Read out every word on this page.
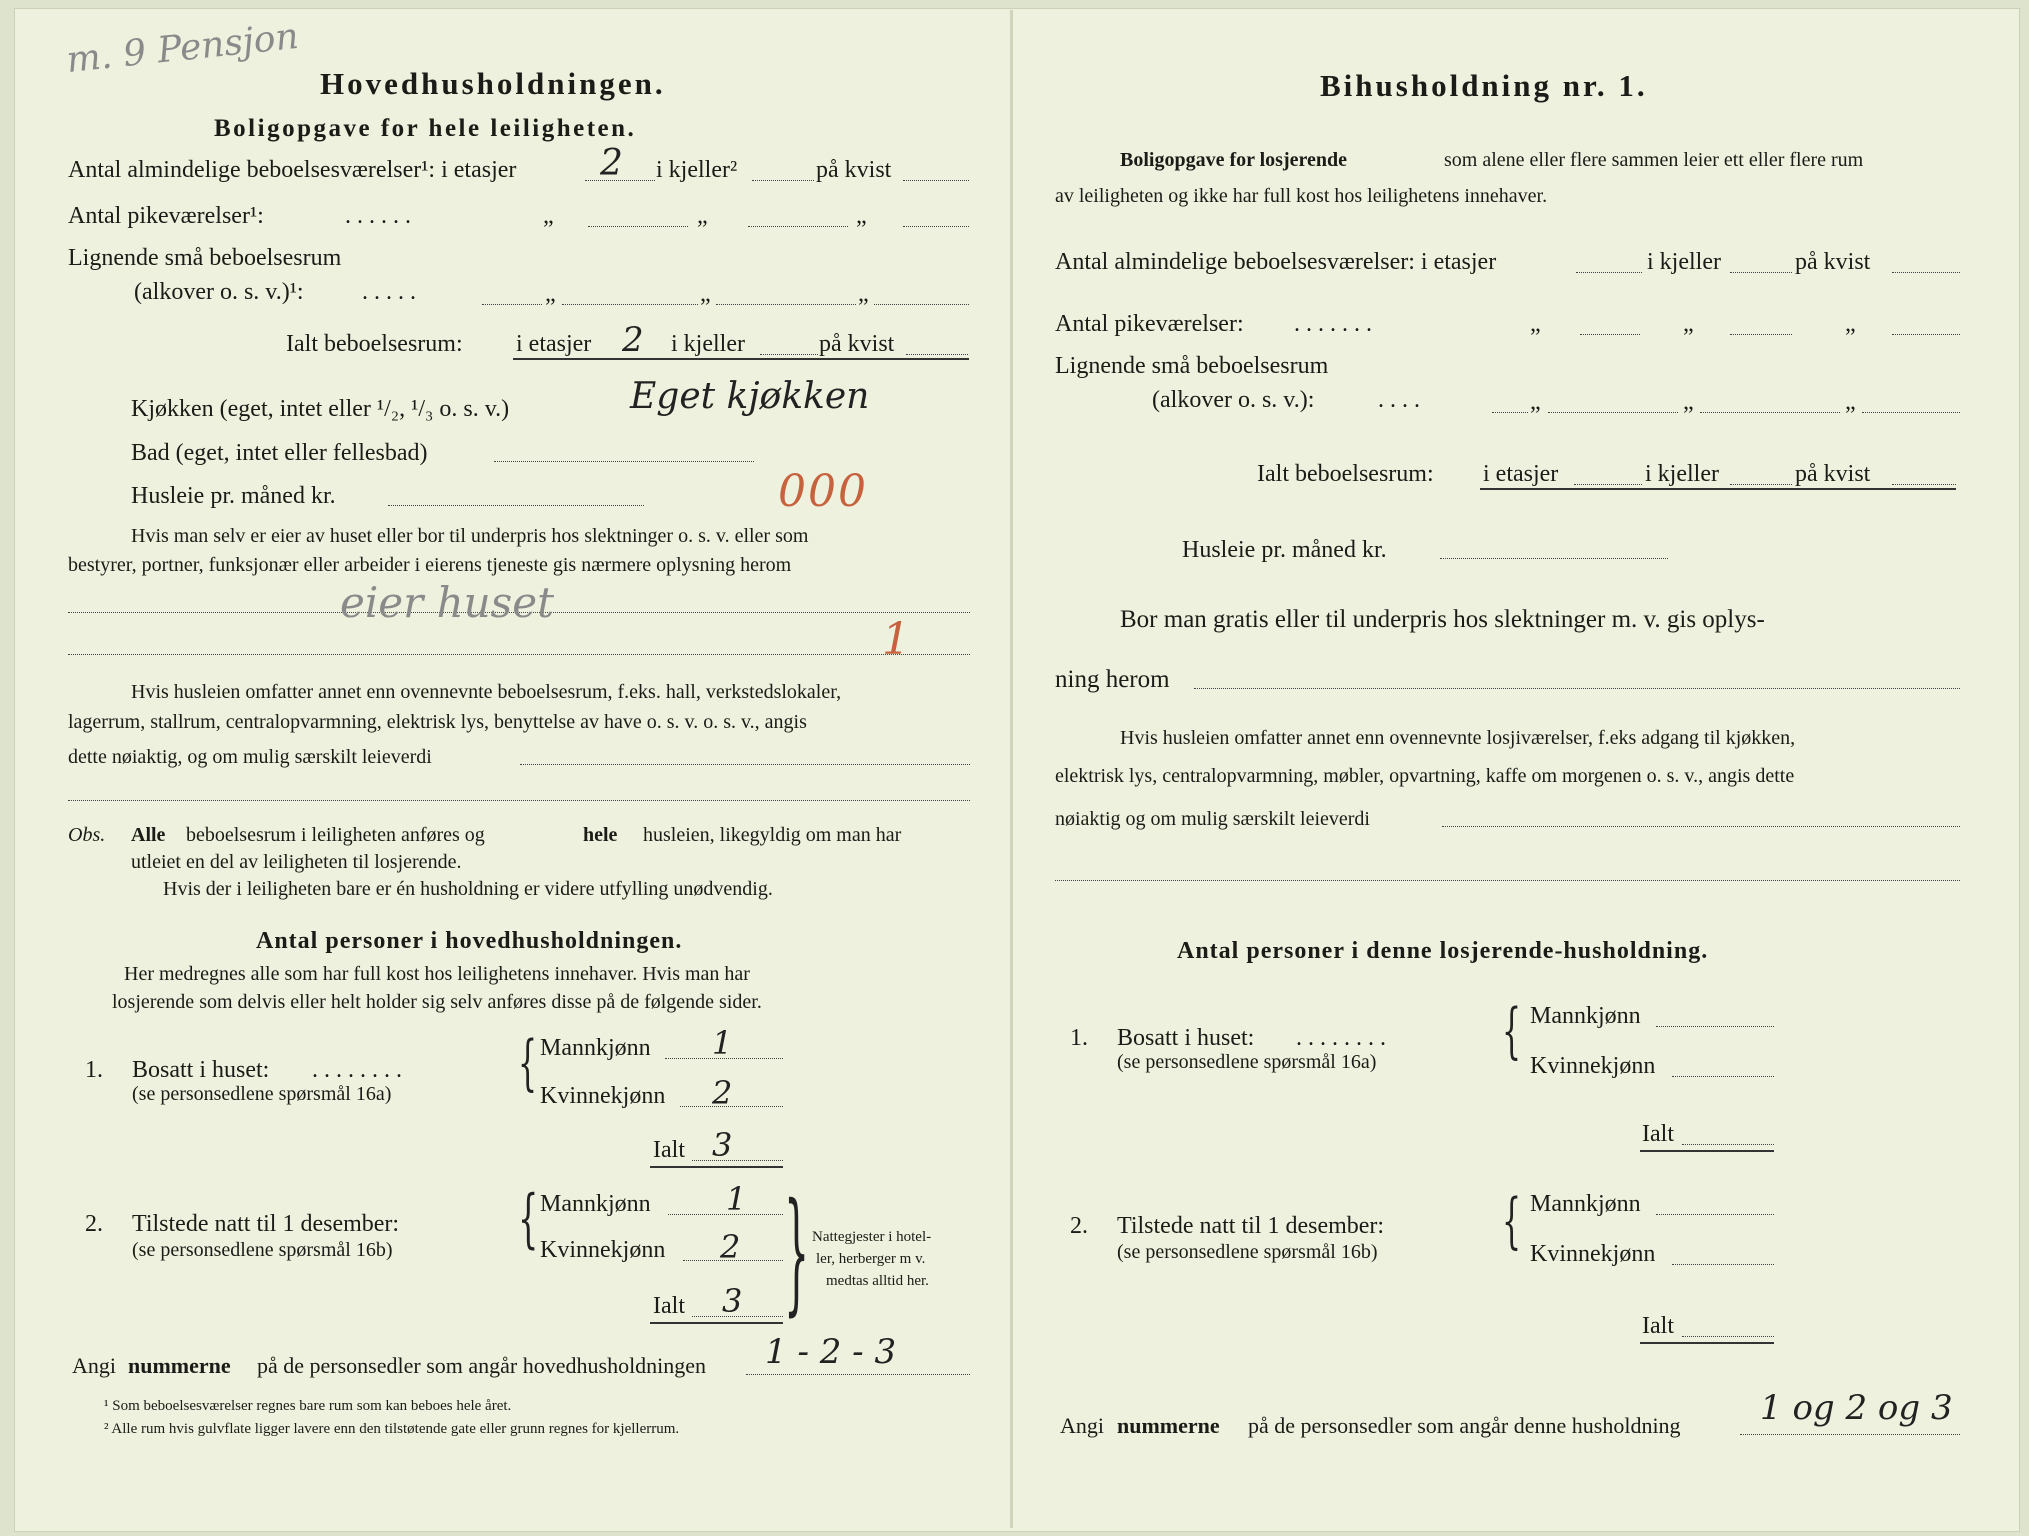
m. 9 Pensjon
Hovedhusholdningen.
Boligopgave for hele leiligheten.
Antal almindelige beboelsesværelser¹: i etasjer 2 i kjeller²	på kvist
Antal pikeværelser¹:	. . . . . .	„	„	„
Lignende små beboelsesrum
(alkover o. s. v.)¹: . . . . .	„	„	„
Ialt beboelsesrum: i etasjer 2 i kjeller	på kvist
Kjøkken (eget, intet eller ¹/₂, ¹/₃ o. s. v.)	Eget kjøkken
Bad (eget, intet eller fellesbad)
Husleie pr. måned kr.	000
Hvis man selv er eier av huset eller bor til underpris hos slektninger o. s. v. eller som
bestyrer, portner, funksjonær eller arbeider i eierens tjeneste gis nærmere oplysning herom
eier huset
1
Hvis husleien omfatter annet enn ovennevnte beboelsesrum, f.eks. hall, verkstedslokaler,
lagerrum, stallrum, centralopvarmning, elektrisk lys, benyttelse av have o. s. v. o. s. v., angis
dette nøiaktig, og om mulig særskilt leieverdi
Obs. Alle beboelsesrum i leiligheten anføres og	hele husleien, likegyldig om man har
utleiet en del av leiligheten til losjerende.
Hvis der i leiligheten bare er én husholdning er videre utfylling unødvendig.
Antal personer i hovedhusholdningen.
Her medregnes alle som har full kost hos leilighetens innehaver. Hvis man har
losjerende som delvis eller helt holder sig selv anføres disse på de følgende sider.
1. Bosatt i huset: . . . . . . . .
(se personsedlene spørsmål 16a) { Mannkjønn 1
Kvinnekjønn 2
Ialt 3
2. Tilstede natt til 1 desember:
(se personsedlene spørsmål 16b) { Mannkjønn 1
Kvinnekjønn 2
Ialt 3 } Nattegjester i hotel-
ler, herberger m v.
medtas alltid her.
Angi nummerne på de personsedler som angår hovedhusholdningen 1 - 2 - 3
¹ Som beboelsesværelser regnes bare rum som kan beboes hele året.
² Alle rum hvis gulvflate ligger lavere enn den tilstøtende gate eller grunn regnes for kjellerrum.
Bihusholdning nr. 1.
Boligopgave for losjerende	som alene eller flere sammen leier ett eller flere rum
av leiligheten og ikke har full kost hos leilighetens innehaver.
Antal almindelige beboelsesværelser: i etasjer	i kjeller	på kvist
Antal pikeværelser: . . . . . . .	„	„	„
Lignende små beboelsesrum
(alkover o. s. v.):	. . . .	„	„	„
Ialt beboelsesrum: i etasjer	i kjeller	på kvist
Husleie pr. måned kr.
Bor man gratis eller til underpris hos slektninger m. v. gis oplys-
ning herom
Hvis husleien omfatter annet enn ovennevnte losjiværelser, f.eks adgang til kjøkken,
elektrisk lys, centralopvarmning, møbler, opvartning, kaffe om morgenen o. s. v., angis dette
nøiaktig og om mulig særskilt leieverdi
Antal personer i denne losjerende-husholdning.
1. Bosatt i huset: . . . . . . . .
(se personsedlene spørsmål 16a) { Mannkjønn
Kvinnekjønn
Ialt
2. Tilstede natt til 1 desember:
(se personsedlene spørsmål 16b) { Mannkjønn
Kvinnekjønn
Ialt
Angi nummerne på de personsedler som angår denne husholdning 1 og 2 og 3
